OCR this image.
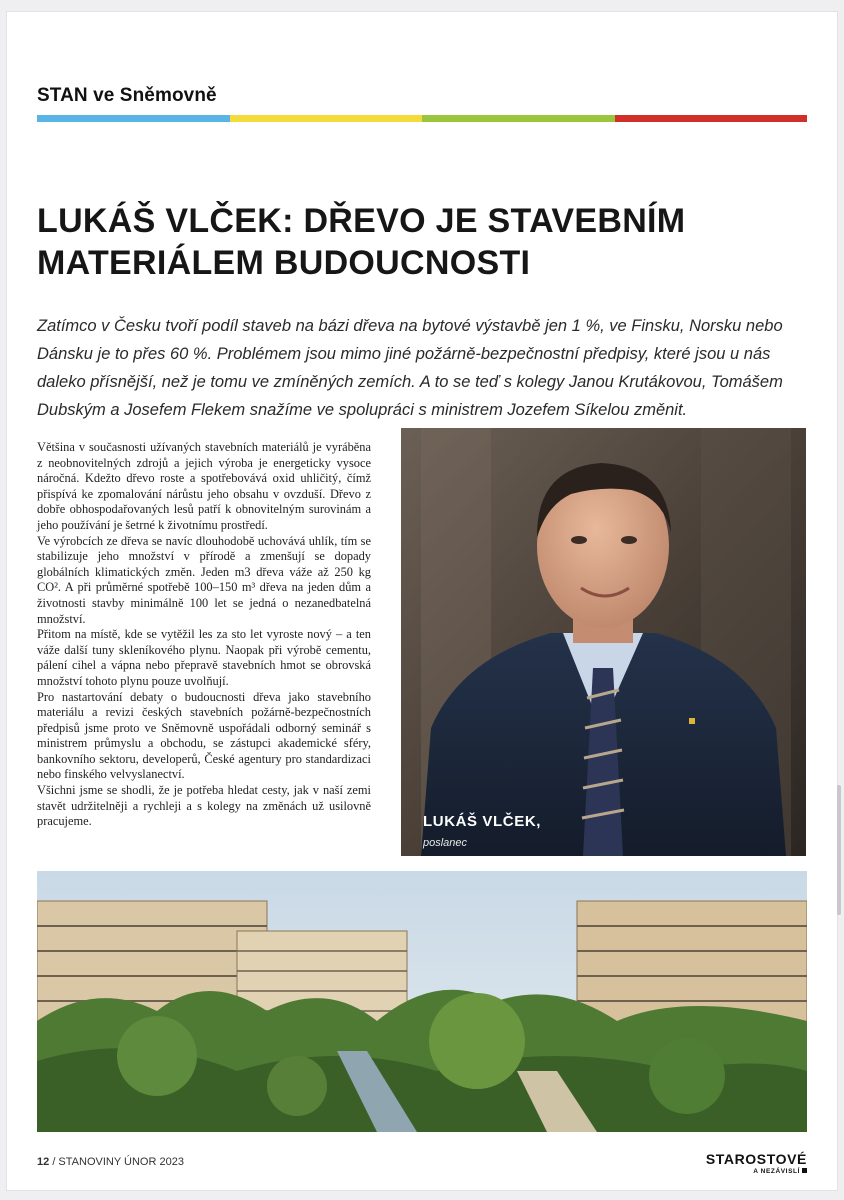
STAN ve Sněmovně
LUKÁŠ VLČEK: DŘEVO JE STAVEBNÍM
MATERIÁLEM BUDOUCNOSTI
Zatímco v Česku tvoří podíl staveb na bázi dřeva na bytové výstavbě jen 1 %, ve Finsku, Norsku nebo Dánsku je to přes 60 %. Problémem jsou mimo jiné požárně-bezpečnostní předpisy, které jsou u nás daleko přísnější, než je tomu ve zmíněných zemích. A to se teď s kolegy Janou Krutákovou, Tomášem Dubským a Josefem Flekem snažíme ve spolupráci s ministrem Jozefem Síkelou změnit.

Většina v současnosti užívaných stavebních materiálů je vyráběna z neobnovitelných zdrojů a jejich výroba je energeticky vysoce náročná. Kdežto dřevo roste a spotřebovává oxid uhličitý, čímž přispívá ke zpomalování nárůstu jeho obsahu v ovzduší. Dřevo z dobře obhospodařovaných lesů patří k obnovitelným surovinám a jeho používání je šetrné k životnímu prostředí.

Ve výrobcích ze dřeva se navíc dlouhodobě uchovává uhlík, tím se stabilizuje jeho množství v přírodě a zmenšují se dopady globálních klimatických změn. Jeden m3 dřeva váže až 250 kg CO². A při průměrné spotřebě 100–150 m³ dřeva na jeden dům a životnosti stavby minimálně 100 let se jedná o nezanedbatelná množství.

Přitom na místě, kde se vytěžil les za sto let vyroste nový – a ten váže další tuny skleníkového plynu. Naopak při výrobě cementu, pálení cihel a vápna nebo přepravě stavebních hmot se obrovská množství tohoto plynu pouze uvolňují.

Pro nastartování debaty o budoucnosti dřeva jako stavebního materiálu a revizi českých stavebních požárně-bezpečnostních předpisů jsme proto ve Sněmovně uspořádali odborný seminář s ministrem průmyslu a obchodu, se zástupci akademické sféry, bankovního sektoru, developerů, České agentury pro standardizaci nebo finského velvyslanectví.

Všichni jsme se shodli, že je potřeba hledat cesty, jak v naší zemi stavět udržitelněji a rychleji a s kolegy na změnách už usilovně pracujeme.	LUKÁŠ VLČEK,
poslanec
12 / STANOVINY ÚNOR 2023	STAROSTOVÉ
A NEZÁVISLÍ
